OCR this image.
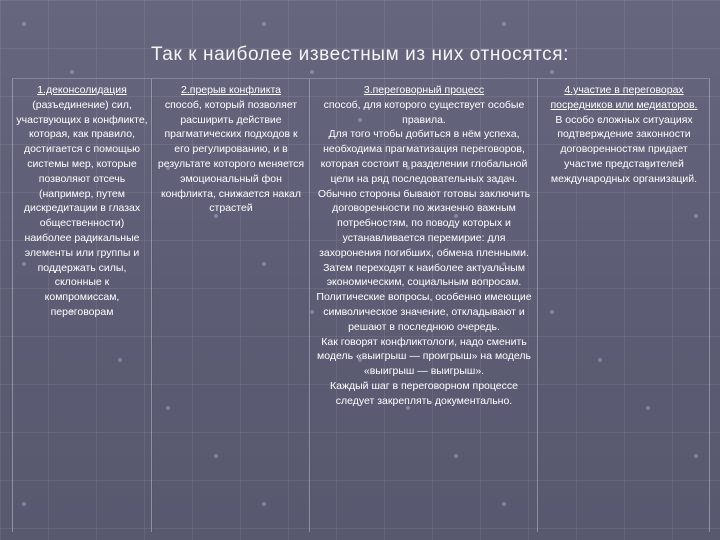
Так к наиболее известным из них относятся:
1.деконсолидация
(разъединение) сил, участвующих в конфликте, которая, как правило, достигается с помощью системы мер, которые позволяют отсечь (например, путем дискредитации в глазах общественности) наиболее радикальные элементы или группы и поддержать силы, склонные к компромиссам, переговорам
2.прерыв конфликта
способ, который позволяет расширить действие прагматических подходов к его регулированию, и в результате которого меняется эмоциональный фон конфликта, снижается накал страстей
3.переговорный процесс
способ, для которого существует особые правила.
Для того чтобы добиться в нём успеха, необходима прагматизация переговоров, которая состоит в разделении глобальной цели на ряд последовательных задач.
Обычно стороны бывают готовы заключить договоренности по жизненно важным потребностям, по поводу которых и устанавливается перемирие: для захоронения погибших, обмена пленными. Затем переходят к наиболее актуальным экономическим, социальным вопросам.
Политические вопросы, особенно имеющие символическое значение, откладывают и решают в последнюю очередь.
Как говорят конфликтологи, надо сменить модель «выигрыш — проигрыш» на модель «выигрыш — выигрыш».
Каждый шаг в переговорном процессе следует закреплять документально.
4.участие в переговорах посредников или медиаторов.
В особо сложных ситуациях подтверждение законности договоренностям придает участие представителей международных организаций.
